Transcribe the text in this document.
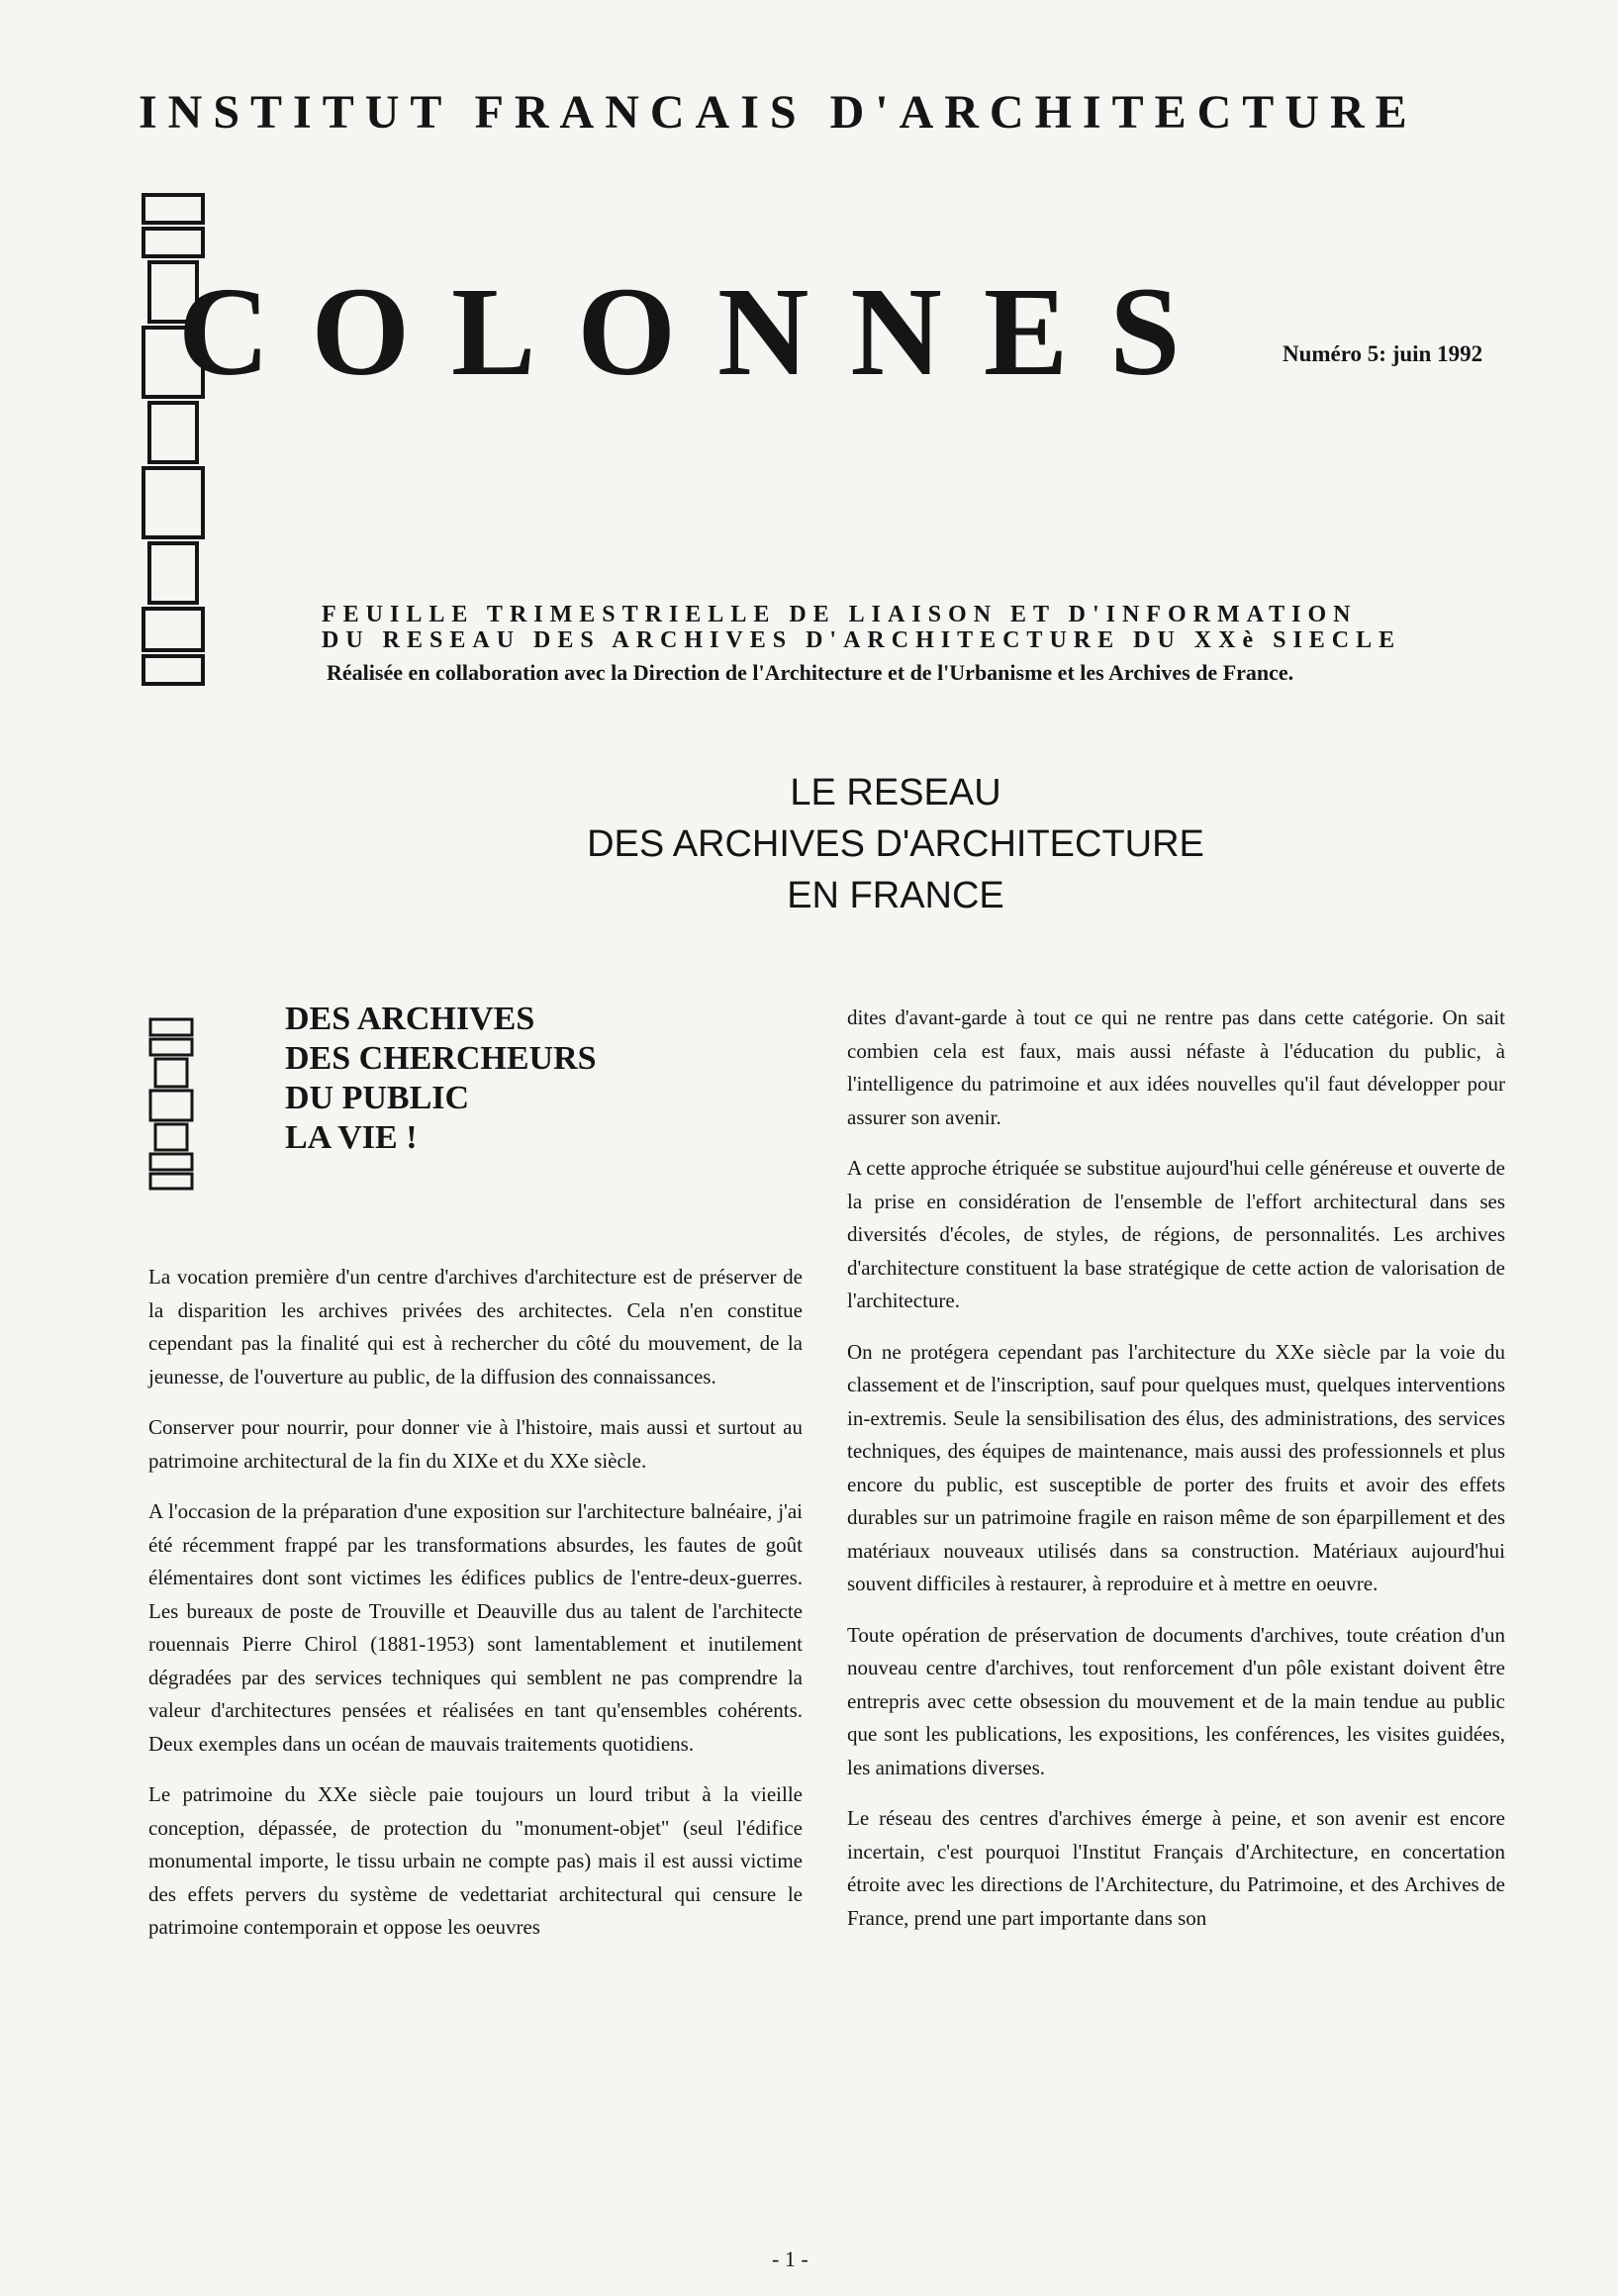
INSTITUT FRANCAIS D'ARCHITECTURE
COLONNES	Numéro 5: juin 1992
FEUILLE TRIMESTRIELLE DE LIAISON ET D'INFORMATION
DU RESEAU DES ARCHIVES D'ARCHITECTURE DU XXè SIECLE
Réalisée en collaboration avec la Direction de l'Architecture et de l'Urbanisme et les Archives de France.
LE RESEAU
DES ARCHIVES D'ARCHITECTURE
EN FRANCE
DES ARCHIVES
DES CHERCHEURS
DU PUBLIC
LA VIE !

La vocation première d'un centre d'archives d'architecture est de préserver de la disparition les archives privées des architectes. Cela n'en constitue cependant pas la finalité qui est à rechercher du côté du mouvement, de la jeunesse, de l'ouverture au public, de la diffusion des connaissances.

Conserver pour nourrir, pour donner vie à l'histoire, mais aussi et surtout au patrimoine architectural de la fin du XIXe et du XXe siècle.

A l'occasion de la préparation d'une exposition sur l'architecture balnéaire, j'ai été récemment frappé par les transformations absurdes, les fautes de goût élémentaires dont sont victimes les édifices publics de l'entre-deux-guerres. Les bureaux de poste de Trouville et Deauville dus au talent de l'architecte rouennais Pierre Chirol (1881-1953) sont lamentablement et inutilement dégradées par des services techniques qui semblent ne pas comprendre la valeur d'architectures pensées et réalisées en tant qu'ensembles cohérents. Deux exemples dans un océan de mauvais traitements quotidiens.

Le patrimoine du XXe siècle paie toujours un lourd tribut à la vieille conception, dépassée, de protection du "monument-objet" (seul l'édifice monumental importe, le tissu urbain ne compte pas) mais il est aussi victime des effets pervers du système de vedettariat architectural qui censure le patrimoine contemporain et oppose les oeuvres

dites d'avant-garde à tout ce qui ne rentre pas dans cette catégorie. On sait combien cela est faux, mais aussi néfaste à l'éducation du public, à l'intelligence du patrimoine et aux idées nouvelles qu'il faut développer pour assurer son avenir.

A cette approche étriquée se substitue aujourd'hui celle généreuse et ouverte de la prise en considération de l'ensemble de l'effort architectural dans ses diversités d'écoles, de styles, de régions, de personnalités. Les archives d'architecture constituent la base stratégique de cette action de valorisation de l'architecture.

On ne protégera cependant pas l'architecture du XXe siècle par la voie du classement et de l'inscription, sauf pour quelques must, quelques interventions in-extremis. Seule la sensibilisation des élus, des administrations, des services techniques, des équipes de maintenance, mais aussi des professionnels et plus encore du public, est susceptible de porter des fruits et avoir des effets durables sur un patrimoine fragile en raison même de son éparpillement et des matériaux nouveaux utilisés dans sa construction. Matériaux aujourd'hui souvent difficiles à restaurer, à reproduire et à mettre en oeuvre.

Toute opération de préservation de documents d'archives, toute création d'un nouveau centre d'archives, tout renforcement d'un pôle existant doivent être entrepris avec cette obsession du mouvement et de la main tendue au public que sont les publications, les expositions, les conférences, les visites guidées, les animations diverses.

Le réseau des centres d'archives émerge à peine, et son avenir est encore incertain, c'est pourquoi l'Institut Français d'Architecture, en concertation étroite avec les directions de l'Architecture, du Patrimoine, et des Archives de France, prend une part importante dans son

- 1 -
